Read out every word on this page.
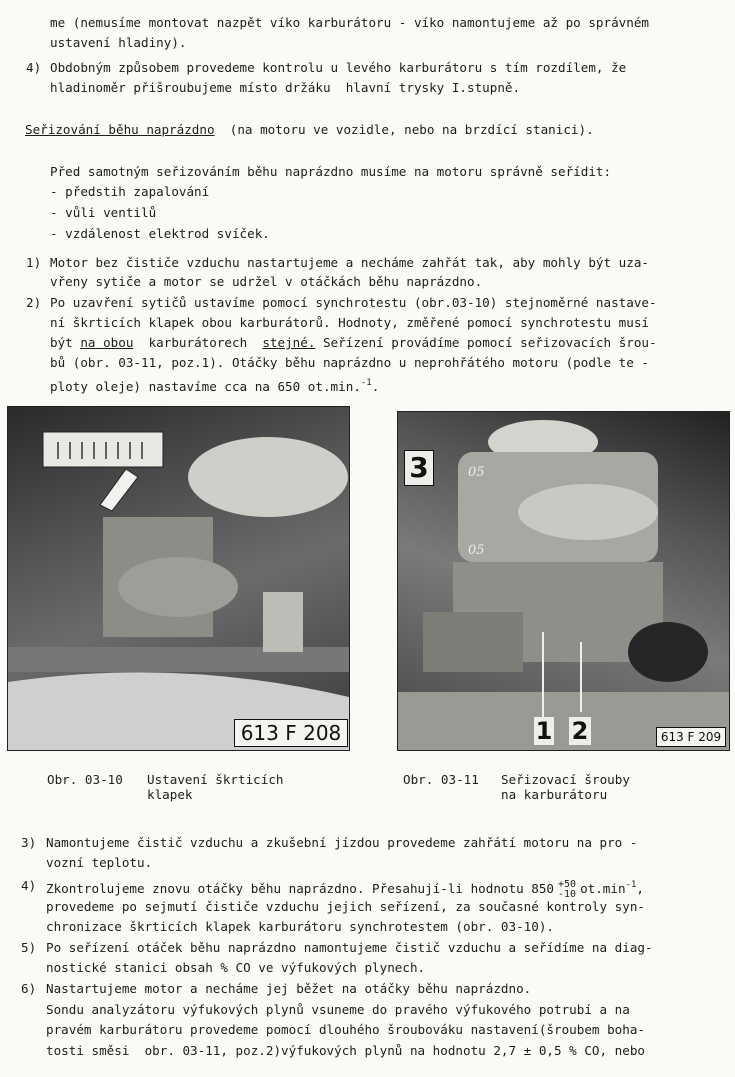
me (nemusíme montovat nazpět víko karburátoru - víko namontujeme až po správném
ustavení hladiny).
4) Obdobným způsobem provedeme kontrolu u levého karburátoru s tím rozdílem, že
hladinoměr přišroubujeme místo držáku  hlavní trysky I.stupně.
Seřizování běhu naprázdno (na motoru ve vozidle, nebo na brzdící stanici).
Před samotným seřizováním běhu naprázdno musíme na motoru správně seřídit:
- předstih zapalování
- vůli ventilů
- vzdálenost elektrod svíček.
1) Motor bez čističe vzduchu nastartujeme a necháme zahřát tak, aby mohly být uza-
vřeny sytiče a motor se udržel v otáčkách běhu naprázdno.
2) Po uzavření sytičů ustavíme pomocí synchrotestu (obr.03-10) stejnoměrné nastave-
ní škrticích klapek obou karburátorů. Hodnoty, změřené pomocí synchrotestu musí
být na obou  karburátorech  stejné. Seřízení provádíme pomocí seřizovacích šrou-
bů (obr. 03-11, poz.1). Otáčky běhu naprázdno u neprohřátého motoru (podle te -
ploty oleje) nastavíme cca na 650 ot.min.$^{-1}$.
613 F 208
05
05
3
1 2	613 F 209
Obr. 03-10 Ustavení škrticích
klapek
Obr. 03-11 Seřizovací šrouby
na karburátoru
3) Namontujeme čistič vzduchu a zkušební jízdou provedeme zahřátí motoru na pro -
vozní teplotu.
4) Zkontrolujeme znovu otáčky běhu naprázdno. Přesahují-li hodnotu 850 +50
-10 $ot.\min^{-1}$,
provedeme po sejmutí čističe vzduchu jejich seřízení, za současné kontroly syn-
chronizace škrticích klapek karburátoru synchrotestem (obr. 03-10).
5) Po seřízení otáček běhu naprázdno namontujeme čistič vzduchu a seřídíme na diag-
nostické stanici obsah % CO ve výfukových plynech.
6) Nastartujeme motor a necháme jej běžet na otáčky běhu naprázdno.
Sondu analyzátoru výfukových plynů vsuneme do pravého výfukového potrubí a na
pravém karburátoru provedeme pomocí dlouhého šroubováku nastavení(šroubem boha-
tosti směsi  obr. 03-11, poz.2)výfukových plynů na hodnotu 2,7 ± 0,5 % CO, nebo
